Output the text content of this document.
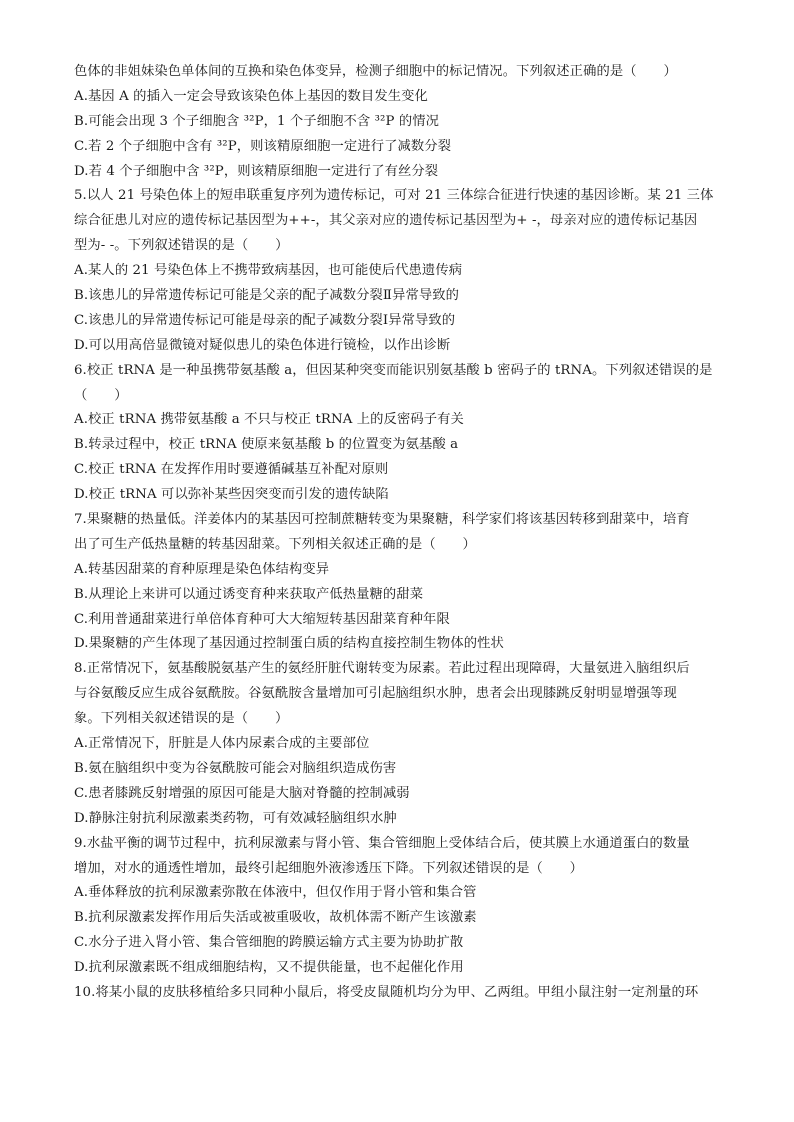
色体的非姐妹染色单体间的互换和染色体变异，检测子细胞中的标记情况。下列叙述正确的是（　　）
A.基因 A 的插入一定会导致该染色体上基因的数目发生变化
B.可能会出现 3 个子细胞含 ³²P，1 个子细胞不含 ³²P 的情况
C.若 2 个子细胞中含有 ³²P，则该精原细胞一定进行了减数分裂
D.若 4 个子细胞中含 ³²P，则该精原细胞一定进行了有丝分裂
5.以人 21 号染色体上的短串联重复序列为遗传标记，可对 21 三体综合征进行快速的基因诊断。某 21 三体
综合征患儿对应的遗传标记基因型为++-，其父亲对应的遗传标记基因型为+ -，母亲对应的遗传标记基因
型为- -。下列叙述错误的是（　　）
A.某人的 21 号染色体上不携带致病基因，也可能使后代患遗传病
B.该患儿的异常遗传标记可能是父亲的配子减数分裂Ⅱ异常导致的
C.该患儿的异常遗传标记可能是母亲的配子减数分裂Ⅰ异常导致的
D.可以用高倍显微镜对疑似患儿的染色体进行镜检，以作出诊断
6.校正 tRNA 是一种虽携带氨基酸 a，但因某种突变而能识别氨基酸 b 密码子的 tRNA。下列叙述错误的是
（　　）
A.校正 tRNA 携带氨基酸 a 不只与校正 tRNA 上的反密码子有关
B.转录过程中，校正 tRNA 使原来氨基酸 b 的位置变为氨基酸 a
C.校正 tRNA 在发挥作用时要遵循碱基互补配对原则
D.校正 tRNA 可以弥补某些因突变而引发的遗传缺陷
7.果聚糖的热量低。洋姜体内的某基因可控制蔗糖转变为果聚糖，科学家们将该基因转移到甜菜中，培育
出了可生产低热量糖的转基因甜菜。下列相关叙述正确的是（　　）
A.转基因甜菜的育种原理是染色体结构变异
B.从理论上来讲可以通过诱变育种来获取产低热量糖的甜菜
C.利用普通甜菜进行单倍体育种可大大缩短转基因甜菜育种年限
D.果聚糖的产生体现了基因通过控制蛋白质的结构直接控制生物体的性状
8.正常情况下，氨基酸脱氨基产生的氨经肝脏代谢转变为尿素。若此过程出现障碍，大量氨进入脑组织后
与谷氨酸反应生成谷氨酰胺。谷氨酰胺含量增加可引起脑组织水肿，患者会出现膝跳反射明显增强等现
象。下列相关叙述错误的是（　　）
A.正常情况下，肝脏是人体内尿素合成的主要部位
B.氨在脑组织中变为谷氨酰胺可能会对脑组织造成伤害
C.患者膝跳反射增强的原因可能是大脑对脊髓的控制减弱
D.静脉注射抗利尿激素类药物，可有效减轻脑组织水肿
9.水盐平衡的调节过程中，抗利尿激素与肾小管、集合管细胞上受体结合后，使其膜上水通道蛋白的数量
增加，对水的通透性增加，最终引起细胞外液渗透压下降。下列叙述错误的是（　　）
A.垂体释放的抗利尿激素弥散在体液中，但仅作用于肾小管和集合管
B.抗利尿激素发挥作用后失活或被重吸收，故机体需不断产生该激素
C.水分子进入肾小管、集合管细胞的跨膜运输方式主要为协助扩散
D.抗利尿激素既不组成细胞结构，又不提供能量，也不起催化作用
10.将某小鼠的皮肤移植给多只同种小鼠后，将受皮鼠随机均分为甲、乙两组。甲组小鼠注射一定剂量的环
